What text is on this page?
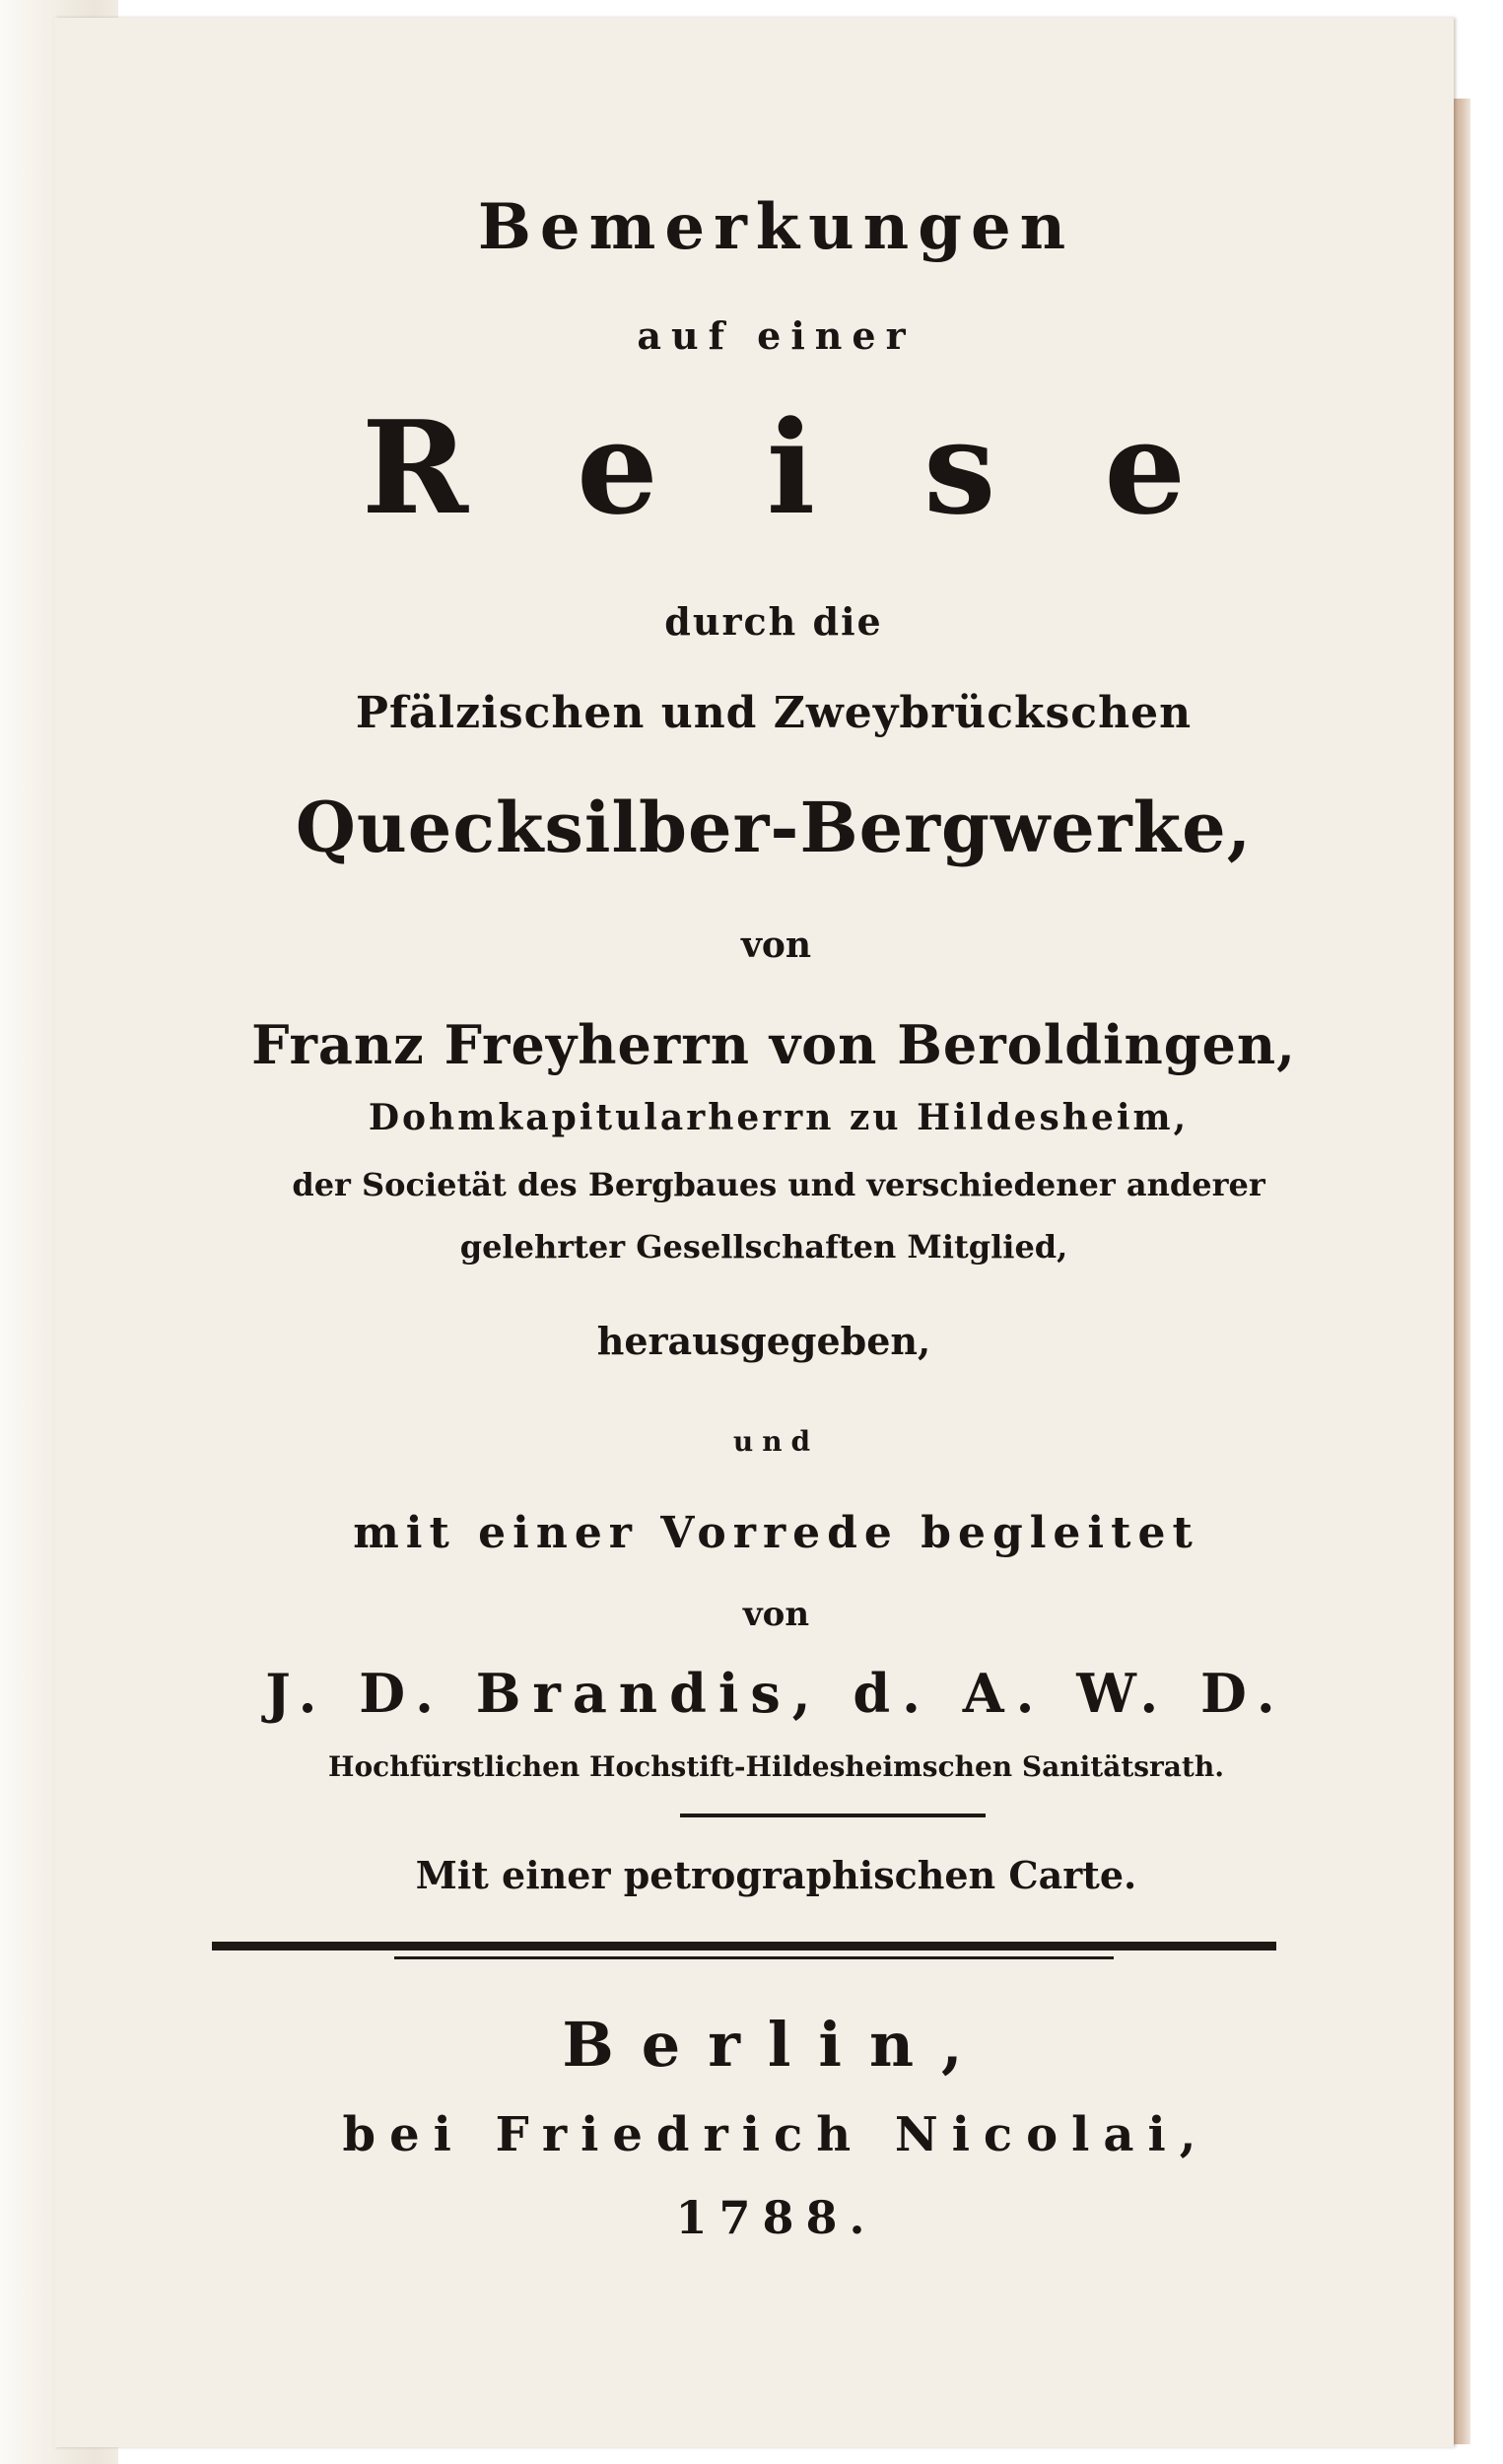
Bemerkungen
auf einer
Reise
durch die
Pfälzischen und Zweybrückschen
Quecksilber-Bergwerke,
von
Franz Freyherrn von Beroldingen,
Dohmkapitularherrn zu Hildesheim,
der Societät des Bergbaues und verschiedener anderer
gelehrter Gesellschaften Mitglied,
herausgegeben,
und
mit einer Vorrede begleitet
von
J. D. Brandis, d. A. W. D.
Hochfürstlichen Hochstift-Hildesheimschen Sanitätsrath.
Mit einer petrographischen Carte.
Berlin,
bei Friedrich Nicolai,
1788.
